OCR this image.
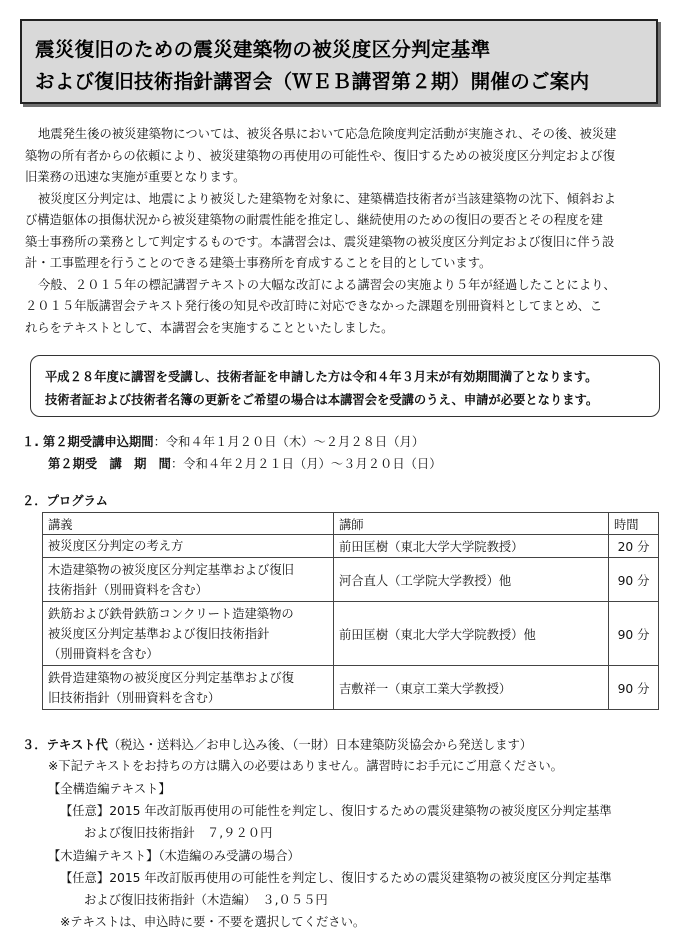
震災復旧のための震災建築物の被災度区分判定基準
および復旧技術指針講習会（ＷＥＢ講習第２期）開催のご案内
地震発生後の被災建築物については、被災各県において応急危険度判定活動が実施され、その後、被災建
築物の所有者からの依頼により、被災建築物の再使用の可能性や、復旧するための被災度区分判定および復
旧業務の迅速な実施が重要となります。
被災度区分判定は、地震により被災した建築物を対象に、建築構造技術者が当該建築物の沈下、傾斜およ
び構造躯体の損傷状況から被災建築物の耐震性能を推定し、継続使用のための復旧の要否とその程度を建
築士事務所の業務として判定するものです。本講習会は、震災建築物の被災度区分判定および復旧に伴う設
計・工事監理を行うことのできる建築士事務所を育成することを目的としています。
今般、２０１５年の標記講習テキストの大幅な改訂による講習会の実施より５年が経過したことにより、
２０１５年版講習会テキスト発行後の知見や改訂時に対応できなかった課題を別冊資料としてまとめ、こ
れらをテキストとして、本講習会を実施することといたしました。
平成２８年度に講習を受講し、技術者証を申請した方は令和４年３月末が有効期間満了となります。
技術者証および技術者名簿の更新をご希望の場合は本講習会を受講のうえ、申請が必要となります。
１. 第２期受講申込期間：令和４年１月２０日（木）～２月２８日（月）
第２期受　講　期　間：令和４年２月２１日（月）～３月２０日（日）
２．プログラム
講義	講師	時間

被災度区分判定の考え方	前田匡樹（東北大学大学院教授）	20 分

木造建築物の被災度区分判定基準および復旧
技術指針（別冊資料を含む）	河合直人（工学院大学教授）他	90 分

鉄筋および鉄骨鉄筋コンクリート造建築物の
被災度区分判定基準および復旧技術指針
（別冊資料を含む）	前田匡樹（東北大学大学院教授）他	90 分

鉄骨造建築物の被災度区分判定基準および復
旧技術指針（別冊資料を含む）	吉敷祥一（東京工業大学教授）	90 分
３．テキスト代（税込・送料込／お申し込み後、（一財）日本建築防災協会から発送します）
※下記テキストをお持ちの方は購入の必要はありません。講習時にお手元にご用意ください。
【全構造編テキスト】
【任意】2015 年改訂版再使用の可能性を判定し、復旧するための震災建築物の被災度区分判定基準
および復旧技術指針　７,９２０円
【木造編テキスト】（木造編のみ受講の場合）
【任意】2015 年改訂版再使用の可能性を判定し、復旧するための震災建築物の被災度区分判定基準
および復旧技術指針（木造編）　３,０５５円
※テキストは、申込時に要・不要を選択してください。
